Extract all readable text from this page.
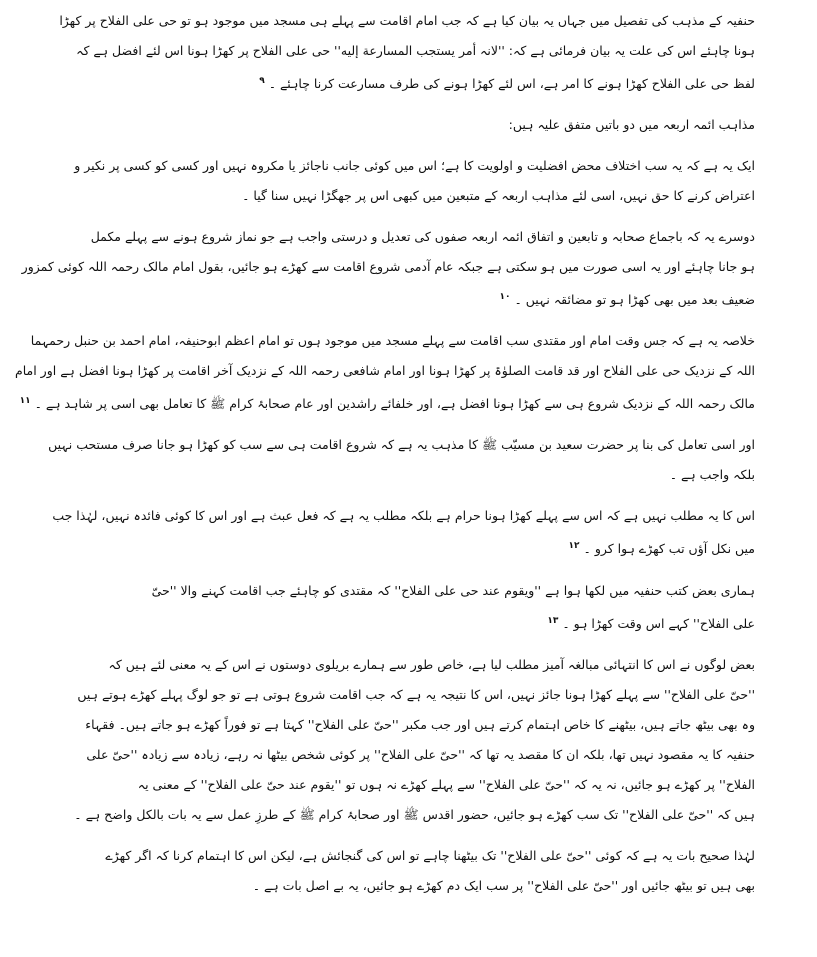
حنفیہ کے مذہب کی تفصیل میں جہاں یہ بیان کیا ہے کہ جب امام اقامت سے پہلے ہی مسجد میں موجود ہو تو حی علی الفلاح پر کھڑا
ہونا چاہئے اس کی علت یہ بیان فرمائی ہے کہ: ''لانہ أمر یستجب المسارعة إليه'' حی علی الفلاح پر کھڑا ہونا اس لئے افضل ہے کہ
لفظ حی علی الفلاح کھڑا ہونے کا امر ہے، اس لئے کھڑا ہونے کی طرف مسارعت کرنا چاہئے ۔ $^۹$
مذاہب ائمہ اربعہ میں دو باتیں متفق علیہ ہیں:
ایک یہ ہے کہ یہ سب اختلاف محض افضلیت و اولویت کا ہے؛ اس میں کوئی جانب ناجائز یا مکروہ نہیں اور کسی کو کسی پر نکیر و
اعتراض کرنے کا حق نہیں، اسی لئے مذاہب اربعہ کے متبعین میں کبھی اس پر جھگڑا نہیں سنا گیا ۔
دوسرے یہ کہ باجماع صحابہ و تابعین و اتفاق ائمہ اربعہ صفوں کی تعدیل و درستی واجب ہے جو نماز شروع ہونے سے پہلے مکمل
ہو جانا چاہئے اور یہ اسی صورت میں ہو سکتی ہے جبکہ عام آدمی شروع اقامت سے کھڑے ہو جائیں، بقول امام مالک رحمہ اللہ کوئی کمزور
ضعیف بعد میں بھی کھڑا ہو تو مضائقہ نہیں ۔ $^{۱۰}$
خلاصہ یہ ہے کہ جس وقت امام اور مقتدی سب اقامت سے پہلے مسجد میں موجود ہوں تو امام اعظم ابوحنیفہ، امام احمد بن حنبل رحمہما
اللہ کے نزدیک حی علی الفلاح اور قد قامت الصلوٰۃ پر کھڑا ہونا اور امام شافعی رحمہ اللہ کے نزدیک آخر اقامت پر کھڑا ہونا افضل ہے اور امام
مالک رحمہ اللہ کے نزدیک شروع ہی سے کھڑا ہونا افضل ہے، اور خلفائے راشدین اور عام صحابۂ کرام ﷺ کا تعامل بھی اسی پر شاہد ہے ۔ $^{۱۱}$
اور اسی تعامل کی بنا پر حضرت سعید بن مسیّب ﷺ کا مذہب یہ ہے کہ شروع اقامت ہی سے سب کو کھڑا ہو جانا صرف مستحب نہیں
بلکہ واجب ہے ۔
اس کا یہ مطلب نہیں ہے کہ اس سے پہلے کھڑا ہونا حرام ہے بلکہ مطلب یہ ہے کہ فعل عبث ہے اور اس کا کوئی فائدہ نہیں، لہٰذا جب
میں نکل آؤں تب کھڑے ہوا کرو ۔ $^{۱۲}$
ہماری بعض کتب حنفیہ میں لکھا ہوا ہے ''ویقوم عند حی علی الفلاح'' کہ مقتدی کو چاہئے جب اقامت کہنے والا ''حیّ
علی الفلاح'' کہے اس وقت کھڑا ہو ۔ $^{۱۳}$
بعض لوگوں نے اس کا انتہائی مبالغہ آمیز مطلب لیا ہے، خاص طور سے ہمارے بریلوی دوستوں نے اس کے یہ معنی لئے ہیں کہ
''حیّ علی الفلاح'' سے پہلے کھڑا ہونا جائز نہیں، اس کا نتیجہ یہ ہے کہ جب اقامت شروع ہوتی ہے تو جو لوگ پہلے کھڑے ہوتے ہیں
وہ بھی بیٹھ جاتے ہیں، بیٹھنے کا خاص اہتمام کرتے ہیں اور جب مکبر ''حیّ علی الفلاح'' کہتا ہے تو فوراً کھڑے ہو جاتے ہیں۔ فقہاء
حنفیہ کا یہ مقصود نہیں تھا، بلکہ ان کا مقصد یہ تھا کہ ''حیّ علی الفلاح'' پر کوئی شخص بیٹھا نہ رہے، زیادہ سے زیادہ ''حیّ علی
الفلاح'' پر کھڑے ہو جائیں، نہ یہ کہ ''حیّ علی الفلاح'' سے پہلے کھڑے نہ ہوں تو ''یقوم عند حیّ علی الفلاح'' کے معنی یہ
ہیں کہ ''حیّ علی الفلاح'' تک سب کھڑے ہو جائیں، حضور اقدس ﷺ اور صحابۂ کرام ﷺ کے طرزِ عمل سے یہ بات بالکل واضح ہے ۔
لہٰذا صحیح بات یہ ہے کہ کوئی ''حیّ علی الفلاح'' تک بیٹھنا چاہے تو اس کی گنجائش ہے، لیکن اس کا اہتمام کرنا کہ اگر کھڑے
بھی ہیں تو بیٹھ جائیں اور ''حیّ علی الفلاح'' پر سب ایک دم کھڑے ہو جائیں، یہ بے اصل بات ہے ۔
